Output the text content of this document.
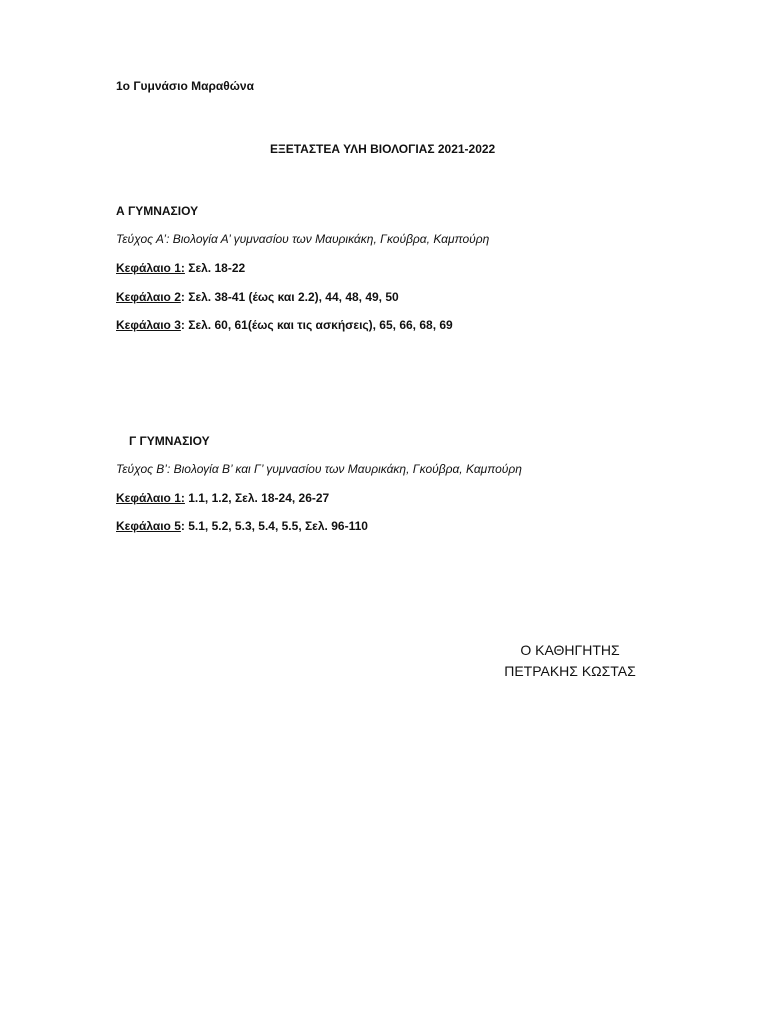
1ο Γυμνάσιο Μαραθώνα
ΕΞΕΤΑΣΤΕΑ ΥΛΗ ΒΙΟΛΟΓΙΑΣ 2021-2022
Α ΓΥΜΝΑΣΙΟΥ
Τεύχος Α’: Βιολογία Α’ γυμνασίου των Μαυρικάκη, Γκούβρα, Καμπούρη
Κεφάλαιο 1: Σελ. 18-22
Κεφάλαιο 2: Σελ. 38-41 (έως και 2.2), 44, 48, 49, 50
Κεφάλαιο 3: Σελ. 60, 61(έως και τις ασκήσεις), 65, 66, 68, 69
Γ ΓΥΜΝΑΣΙΟΥ
Τεύχος Β’: Βιολογία Β’ και Γ’ γυμνασίου των Μαυρικάκη, Γκούβρα, Καμπούρη
Κεφάλαιο 1: 1.1, 1.2, Σελ. 18-24, 26-27
Κεφάλαιο 5: 5.1, 5.2, 5.3, 5.4, 5.5, Σελ. 96-110
Ο ΚΑΘΗΓΗΤΗΣ
ΠΕΤΡΑΚΗΣ ΚΩΣΤΑΣ
